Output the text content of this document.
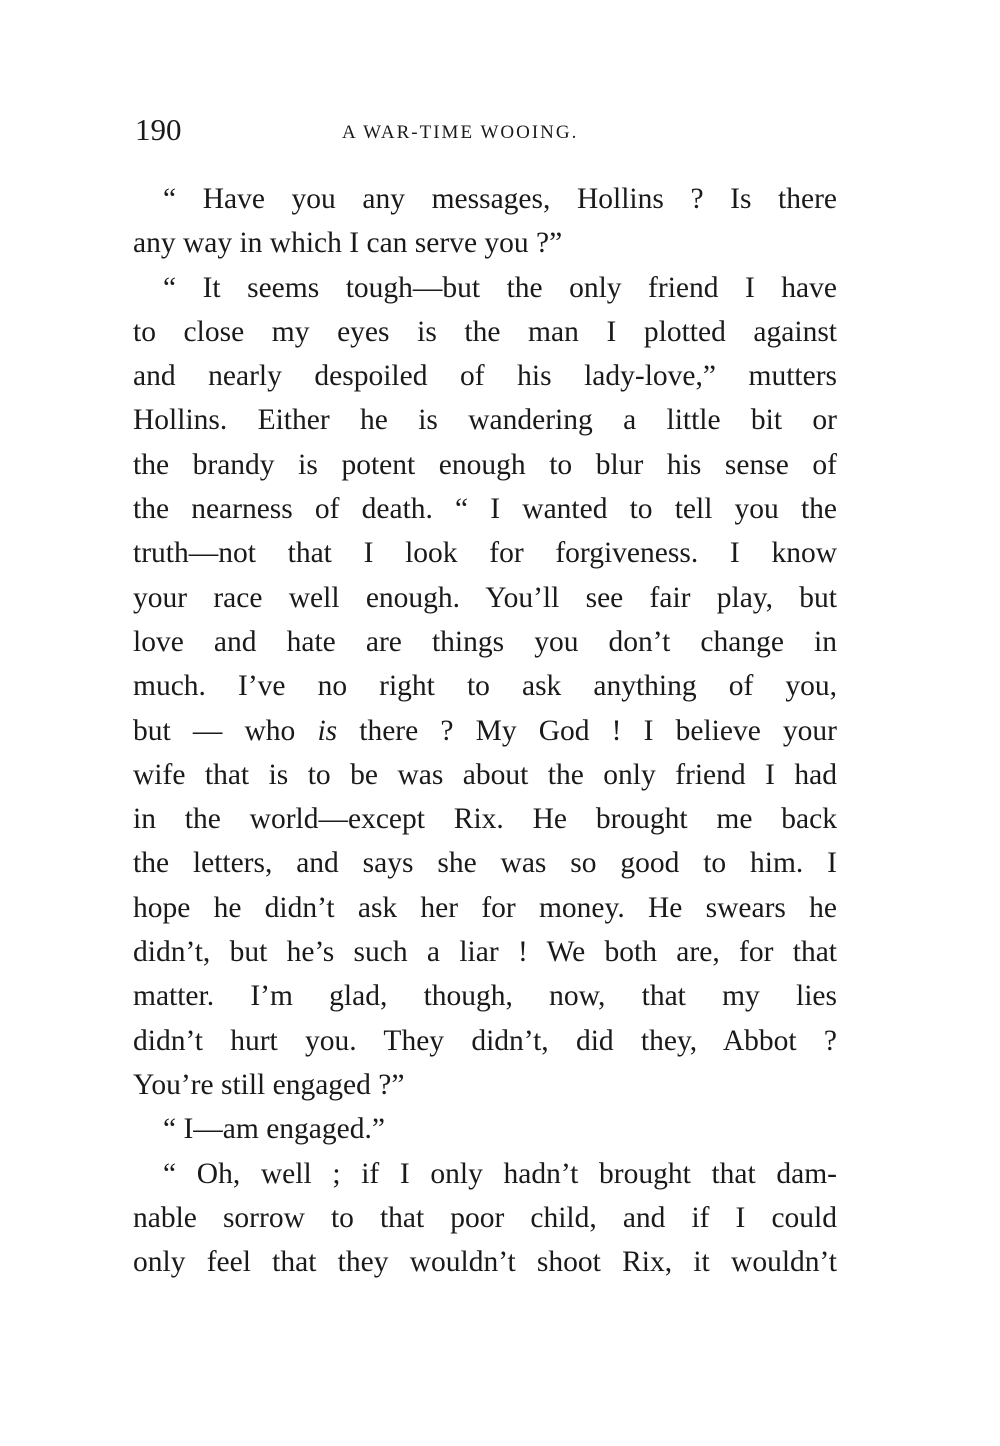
190	A WAR-TIME WOOING.
“ Have you any messages, Hollins ? Is there
any way in which I can serve you ?”
“ It seems tough—but the only friend I have
to close my eyes is the man I plotted against
and nearly despoiled of his lady-love,” mutters
Hollins. Either he is wandering a little bit or
the brandy is potent enough to blur his sense of
the nearness of death. “ I wanted to tell you the
truth—not that I look for forgiveness. I know
your race well enough. You’ll see fair play, but
love and hate are things you don’t change in
much. I’ve no right to ask anything of you,
but — who is there ? My God ! I believe your
wife that is to be was about the only friend I had
in the world—except Rix. He brought me back
the letters, and says she was so good to him. I
hope he didn’t ask her for money. He swears he
didn’t, but he’s such a liar ! We both are, for that
matter. I’m glad, though, now, that my lies
didn’t hurt you. They didn’t, did they, Abbot ?
You’re still engaged ?”
“ I—am engaged.”
“ Oh, well ; if I only hadn’t brought that dam-
nable sorrow to that poor child, and if I could
only feel that they wouldn’t shoot Rix, it wouldn’t
